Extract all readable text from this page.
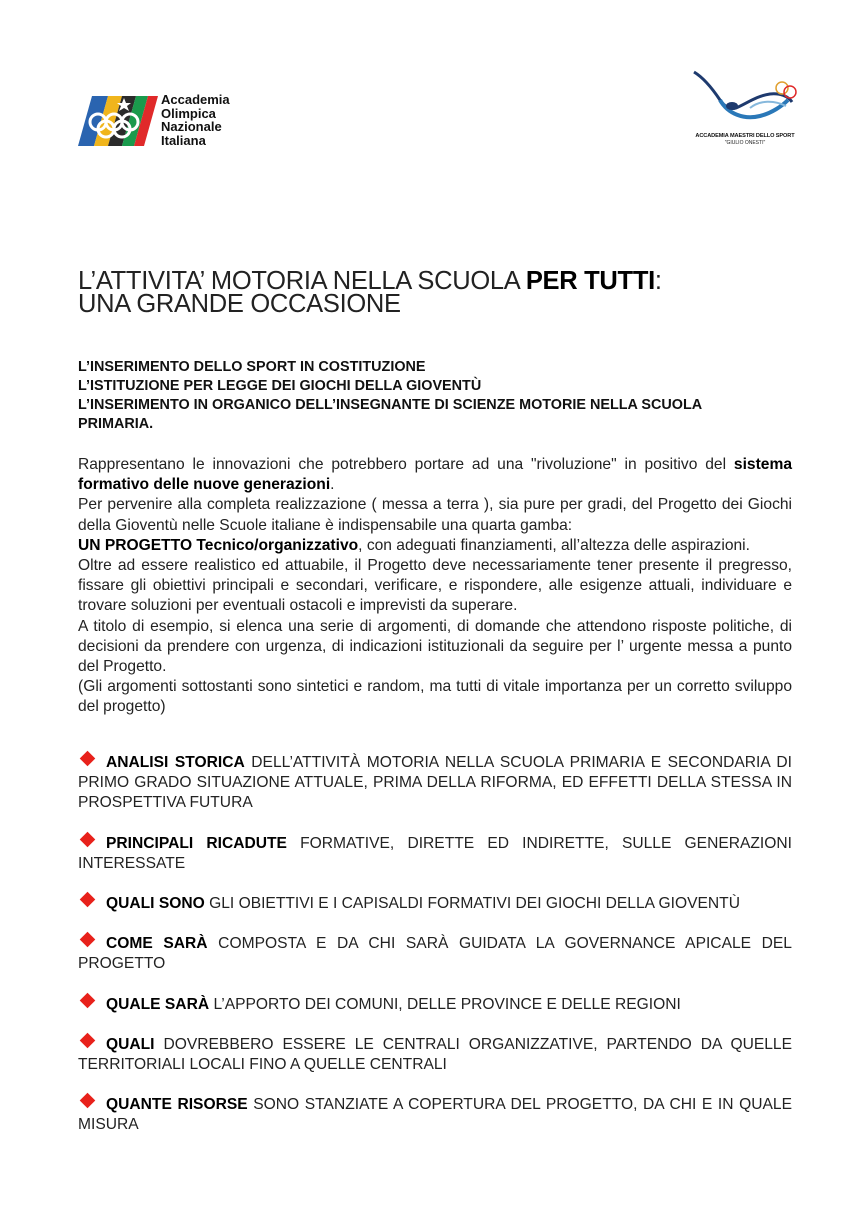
Accademia
Olimpica
Nazionale
Italiana	ACCADEMIA MAESTRI DELLO SPORT
"GIULIO ONESTI"
L’ATTIVITA’ MOTORIA NELLA SCUOLA PER TUTTI:
UNA GRANDE OCCASIONE
L’INSERIMENTO DELLO SPORT IN COSTITUZIONE
L’ISTITUZIONE PER LEGGE DEI GIOCHI DELLA GIOVENTÙ
L’INSERIMENTO IN ORGANICO DELL’INSEGNANTE DI SCIENZE MOTORIE NELLA SCUOLA PRIMARIA.

Rappresentano le innovazioni che potrebbero portare ad una "rivoluzione" in positivo del sistema formativo delle nuove generazioni.

Per pervenire alla completa realizzazione ( messa a terra ), sia pure per gradi, del Progetto dei Giochi della Gioventù nelle Scuole italiane è indispensabile una quarta gamba:

UN PROGETTO Tecnico/organizzativo, con adeguati finanziamenti, all’altezza delle aspirazioni.

Oltre ad essere realistico ed attuabile, il Progetto deve necessariamente tener presente il pregresso, fissare gli obiettivi principali e secondari, verificare, e rispondere, alle esigenze attuali, individuare e trovare soluzioni per eventuali ostacoli e imprevisti da superare.

A titolo di esempio, si elenca una serie di argomenti, di domande che attendono risposte politiche, di decisioni da prendere con urgenza, di indicazioni istituzionali da seguire per l’ urgente messa a punto del Progetto.

(Gli argomenti sottostanti sono sintetici e random, ma tutti di vitale importanza per un corretto sviluppo del progetto)

ANALISI STORICA DELL’ATTIVITÀ MOTORIA NELLA SCUOLA PRIMARIA E SECONDARIA DI PRIMO GRADO SITUAZIONE ATTUALE, PRIMA DELLA RIFORMA, ED EFFETTI DELLA STESSA IN PROSPETTIVA FUTURA

PRINCIPALI RICADUTE FORMATIVE, DIRETTE ED INDIRETTE, SULLE GENERAZIONI INTERESSATE

QUALI SONO GLI OBIETTIVI E I CAPISALDI FORMATIVI DEI GIOCHI DELLA GIOVENTÙ

COME SARÀ COMPOSTA E DA CHI SARÀ GUIDATA LA GOVERNANCE APICALE DEL PROGETTO

QUALE SARÀ L’APPORTO DEI COMUNI, DELLE PROVINCE E DELLE REGIONI

QUALI DOVREBBERO ESSERE LE CENTRALI ORGANIZZATIVE, PARTENDO DA QUELLE TERRITORIALI LOCALI FINO A QUELLE CENTRALI

QUANTE RISORSE SONO STANZIATE A COPERTURA DEL PROGETTO, DA CHI E IN QUALE MISURA
